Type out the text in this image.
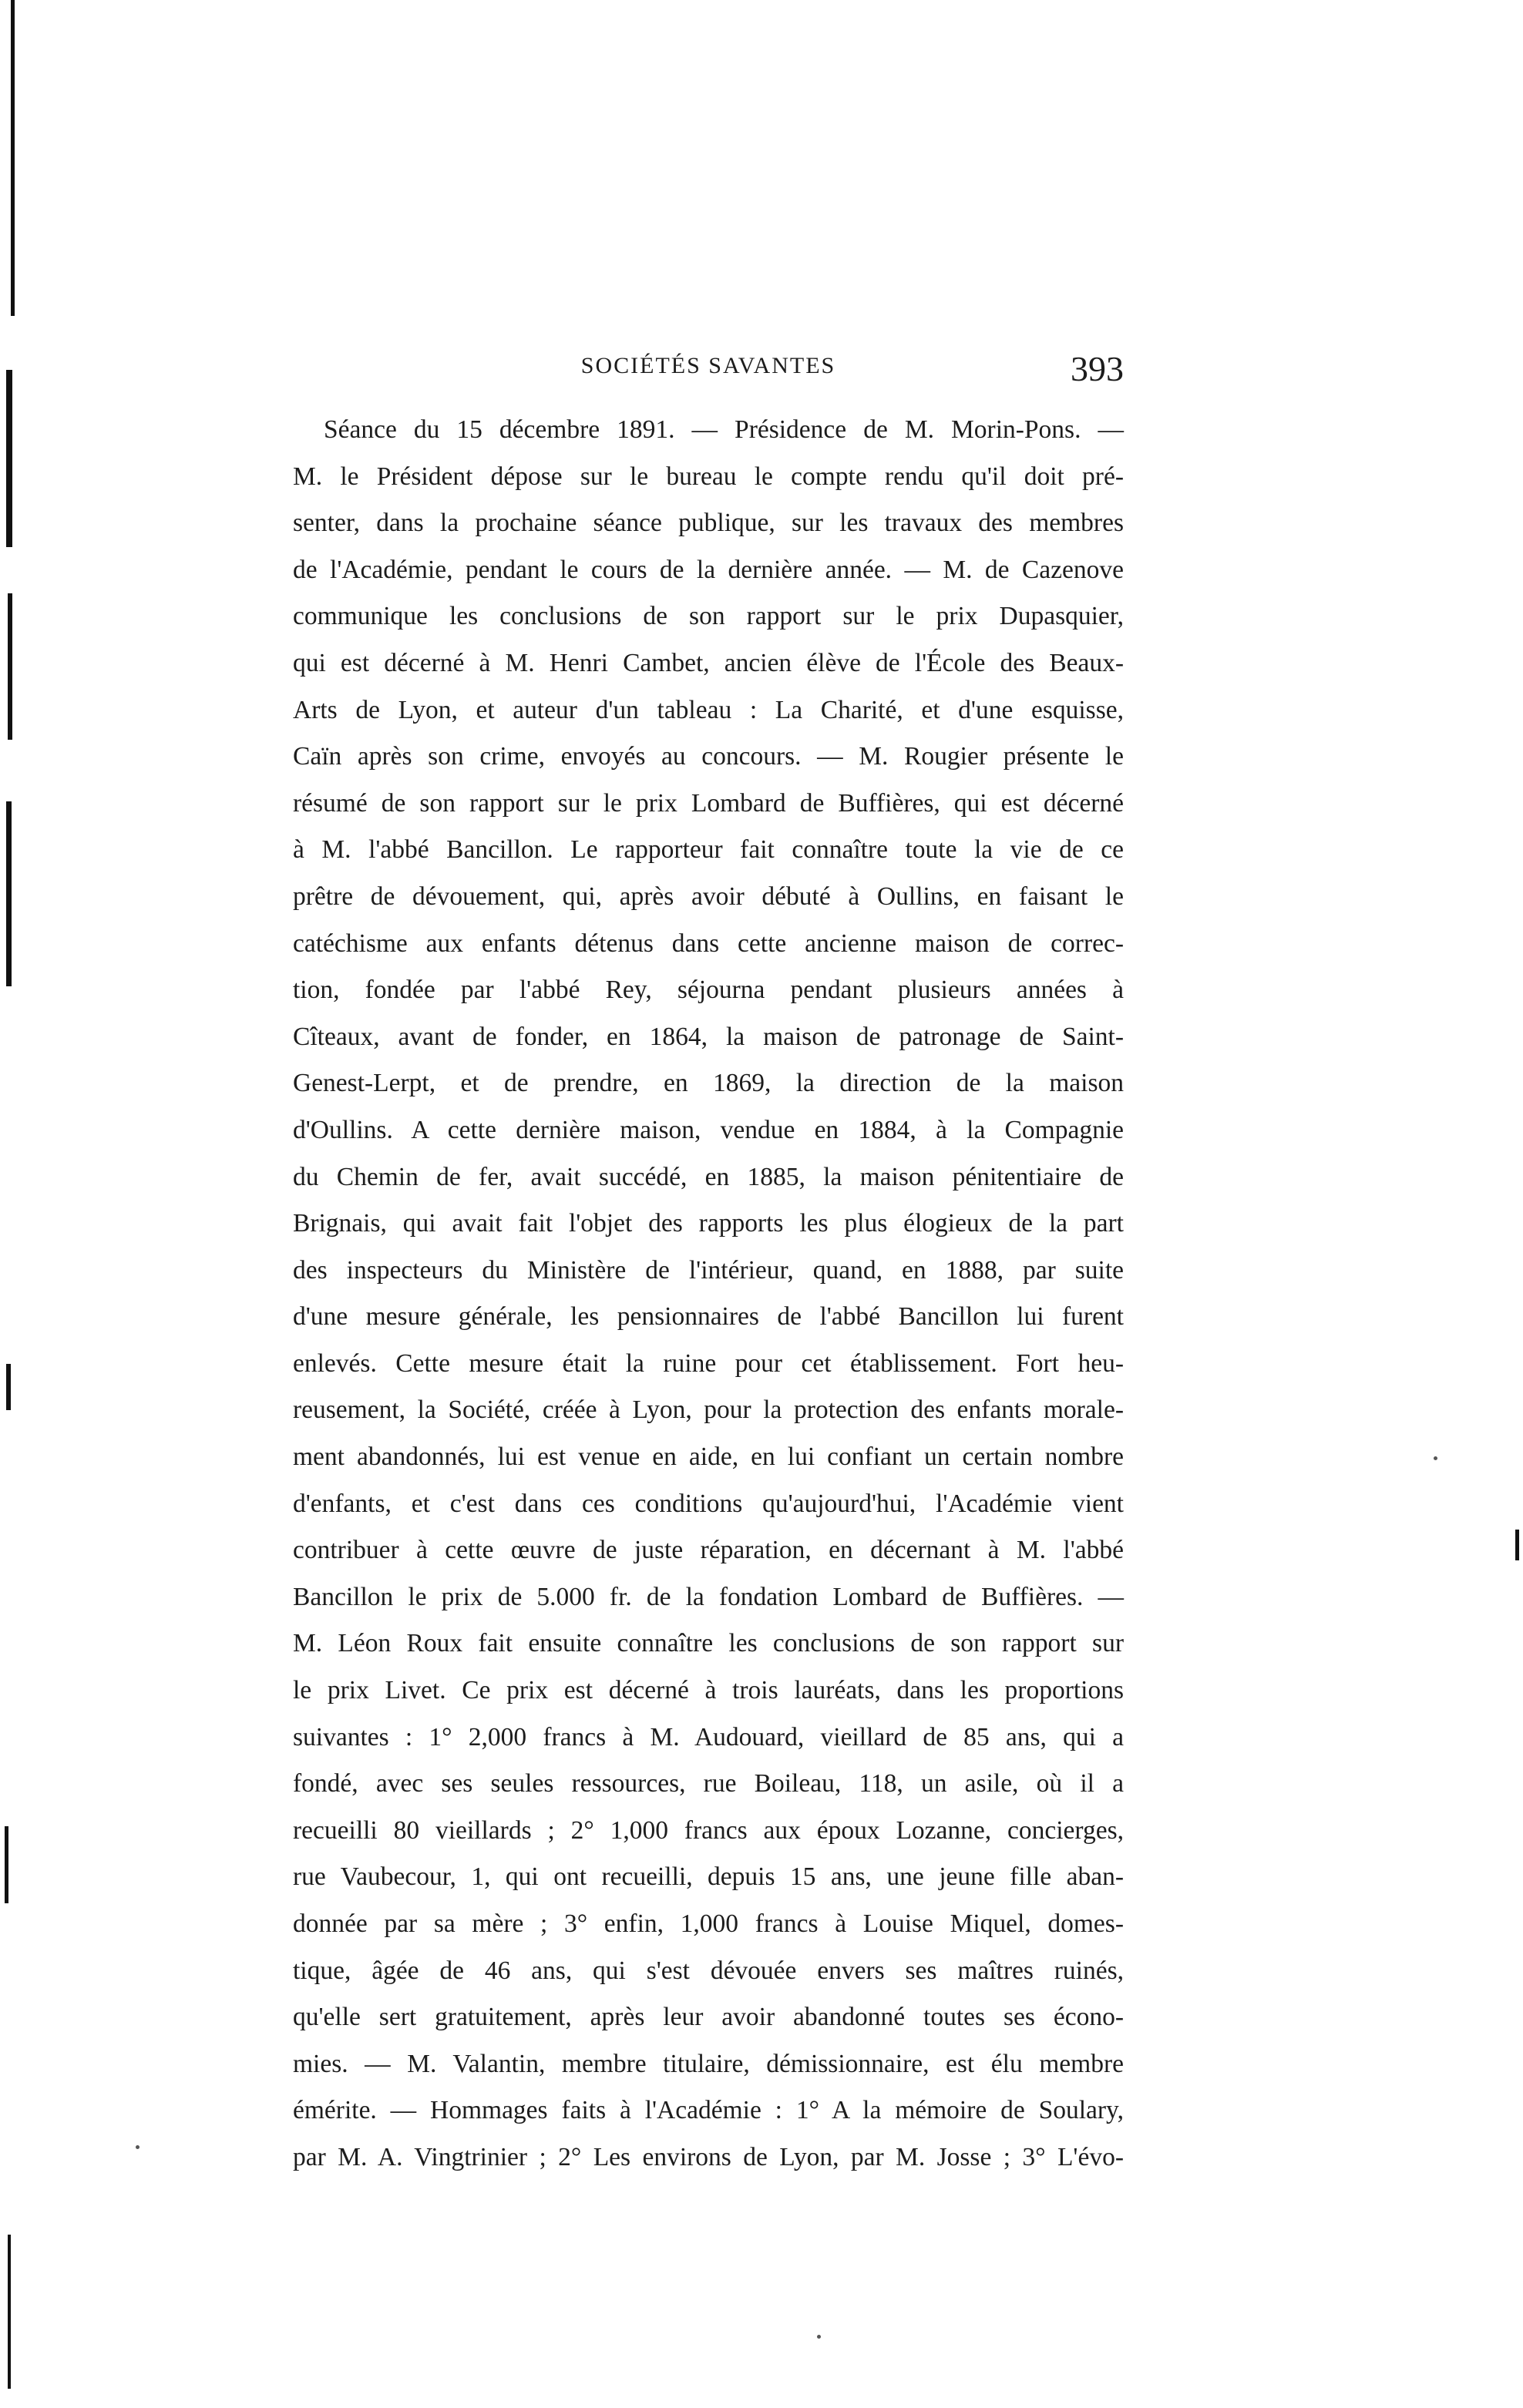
SOCIÉTÉS SAVANTES	393
Séance du 15 décembre 1891. — Présidence de M. Morin-Pons. —
M. le Président dépose sur le bureau le compte rendu qu'il doit pré-
senter, dans la prochaine séance publique, sur les travaux des membres
de l'Académie, pendant le cours de la dernière année. — M. de Cazenove
communique les conclusions de son rapport sur le prix Dupasquier,
qui est décerné à M. Henri Cambet, ancien élève de l'École des Beaux-
Arts de Lyon, et auteur d'un tableau : La Charité, et d'une esquisse,
Caïn après son crime, envoyés au concours. — M. Rougier présente le
résumé de son rapport sur le prix Lombard de Buffières, qui est décerné
à M. l'abbé Bancillon. Le rapporteur fait connaître toute la vie de ce
prêtre de dévouement, qui, après avoir débuté à Oullins, en faisant le
catéchisme aux enfants détenus dans cette ancienne maison de correc-
tion, fondée par l'abbé Rey, séjourna pendant plusieurs années à
Cîteaux, avant de fonder, en 1864, la maison de patronage de Saint-
Genest-Lerpt, et de prendre, en 1869, la direction de la maison
d'Oullins. A cette dernière maison, vendue en 1884, à la Compagnie
du Chemin de fer, avait succédé, en 1885, la maison pénitentiaire de
Brignais, qui avait fait l'objet des rapports les plus élogieux de la part
des inspecteurs du Ministère de l'intérieur, quand, en 1888, par suite
d'une mesure générale, les pensionnaires de l'abbé Bancillon lui furent
enlevés. Cette mesure était la ruine pour cet établissement. Fort heu-
reusement, la Société, créée à Lyon, pour la protection des enfants morale-
ment abandonnés, lui est venue en aide, en lui confiant un certain nombre
d'enfants, et c'est dans ces conditions qu'aujourd'hui, l'Académie vient
contribuer à cette œuvre de juste réparation, en décernant à M. l'abbé
Bancillon le prix de 5.000 fr. de la fondation Lombard de Buffières. —
M. Léon Roux fait ensuite connaître les conclusions de son rapport sur
le prix Livet. Ce prix est décerné à trois lauréats, dans les proportions
suivantes : 1° 2,000 francs à M. Audouard, vieillard de 85 ans, qui a
fondé, avec ses seules ressources, rue Boileau, 118, un asile, où il a
recueilli 80 vieillards ; 2° 1,000 francs aux époux Lozanne, concierges,
rue Vaubecour, 1, qui ont recueilli, depuis 15 ans, une jeune fille aban-
donnée par sa mère ; 3° enfin, 1,000 francs à Louise Miquel, domes-
tique, âgée de 46 ans, qui s'est dévouée envers ses maîtres ruinés,
qu'elle sert gratuitement, après leur avoir abandonné toutes ses écono-
mies. — M. Valantin, membre titulaire, démissionnaire, est élu membre
émérite. — Hommages faits à l'Académie : 1° A la mémoire de Soulary,
par M. A. Vingtrinier ; 2° Les environs de Lyon, par M. Josse ; 3° L'évo-
